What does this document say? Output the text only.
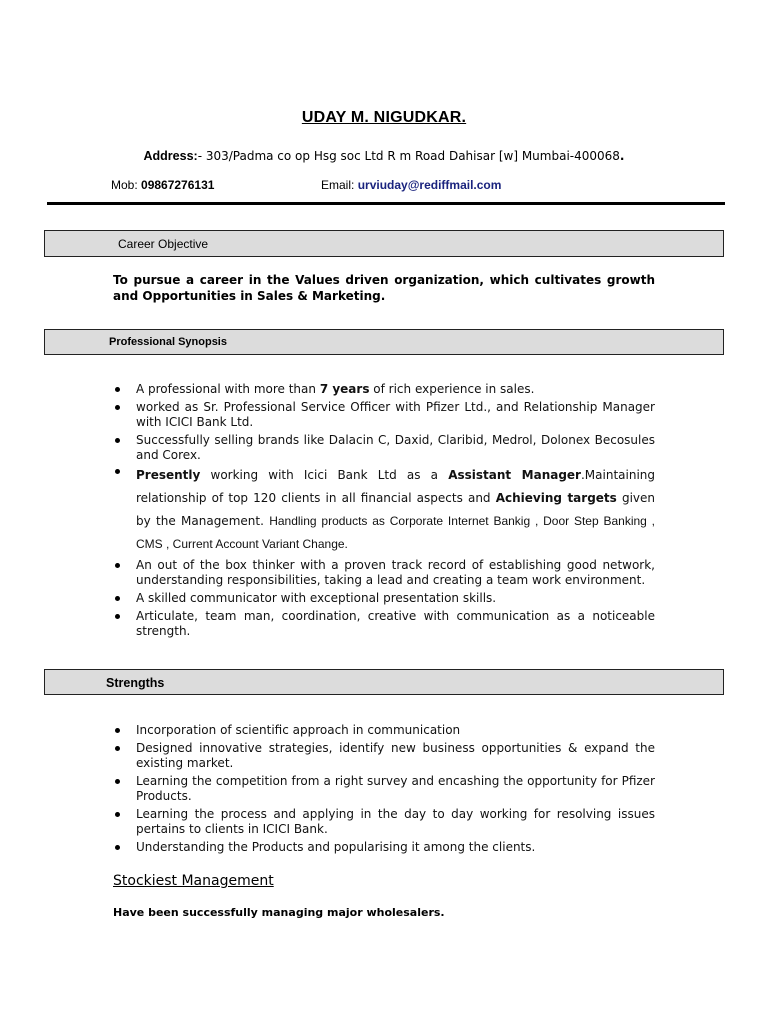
UDAY M. NIGUDKAR.
Address:- 303/Padma co op Hsg soc Ltd R m Road Dahisar [w] Mumbai-400068.
Mob: 09867276131	Email: urviuday@rediffmail.com
Career Objective
To pursue a career in the Values driven organization, which cultivates growth and Opportunities in Sales & Marketing.
Professional Synopsis
A professional with more than 7 years of rich experience in sales.
worked as Sr. Professional Service Officer with Pfizer Ltd., and Relationship Manager with ICICI Bank Ltd.
Successfully selling brands like Dalacin C, Daxid, Claribid, Medrol, Dolonex Becosules and Corex.
Presently working with Icici Bank Ltd as a Assistant Manager.Maintaining relationship of top 120 clients in all financial aspects and Achieving targets given by the Management. Handling products as Corporate Internet Bankig , Door Step Banking , CMS , Current Account Variant Change.
An out of the box thinker with a proven track record of establishing good network, understanding responsibilities, taking a lead and creating a team work environment.
A skilled communicator with exceptional presentation skills.
Articulate, team man, coordination, creative with communication as a noticeable strength.
Strengths
Incorporation of scientific approach in communication
Designed innovative strategies, identify new business opportunities & expand the existing market.
Learning the competition from a right survey and encashing the opportunity for Pfizer Products.
Learning the process and applying in the day to day working for resolving issues pertains to clients in ICICI Bank.
Understanding the Products and popularising it among the clients.
Stockiest Management
Have been successfully managing major wholesalers.
